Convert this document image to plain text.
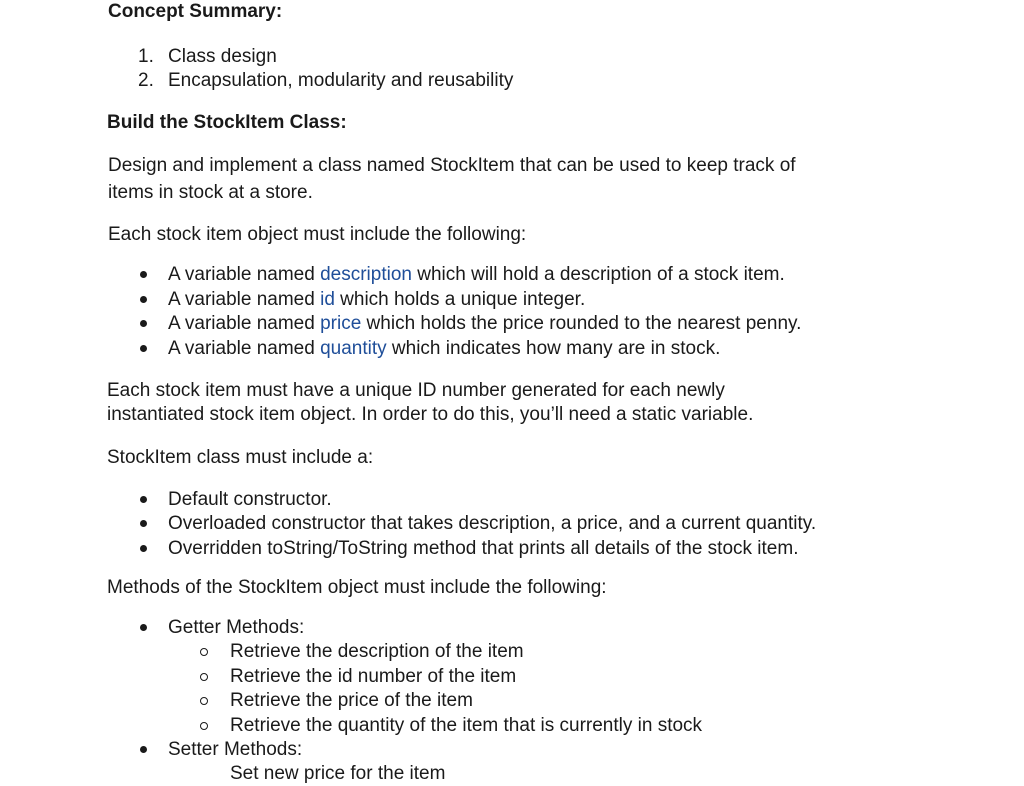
Concept Summary:
1. Class design
2. Encapsulation, modularity and reusability
Build the StockItem Class:
Design and implement a class named StockItem that can be used to keep track of
items in stock at a store.
Each stock item object must include the following:
A variable named description which will hold a description of a stock item.
A variable named id which holds a unique integer.
A variable named price which holds the price rounded to the nearest penny.
A variable named quantity which indicates how many are in stock.
Each stock item must have a unique ID number generated for each newly
instantiated stock item object. In order to do this, you’ll need a static variable.
StockItem class must include a:
Default constructor.
Overloaded constructor that takes description, a price, and a current quantity.
Overridden toString/ToString method that prints all details of the stock item.
Methods of the StockItem object must include the following:
Getter Methods:
Retrieve the description of the item
Retrieve the id number of the item
Retrieve the price of the item
Retrieve the quantity of the item that is currently in stock
Setter Methods:
Set new price for the item
